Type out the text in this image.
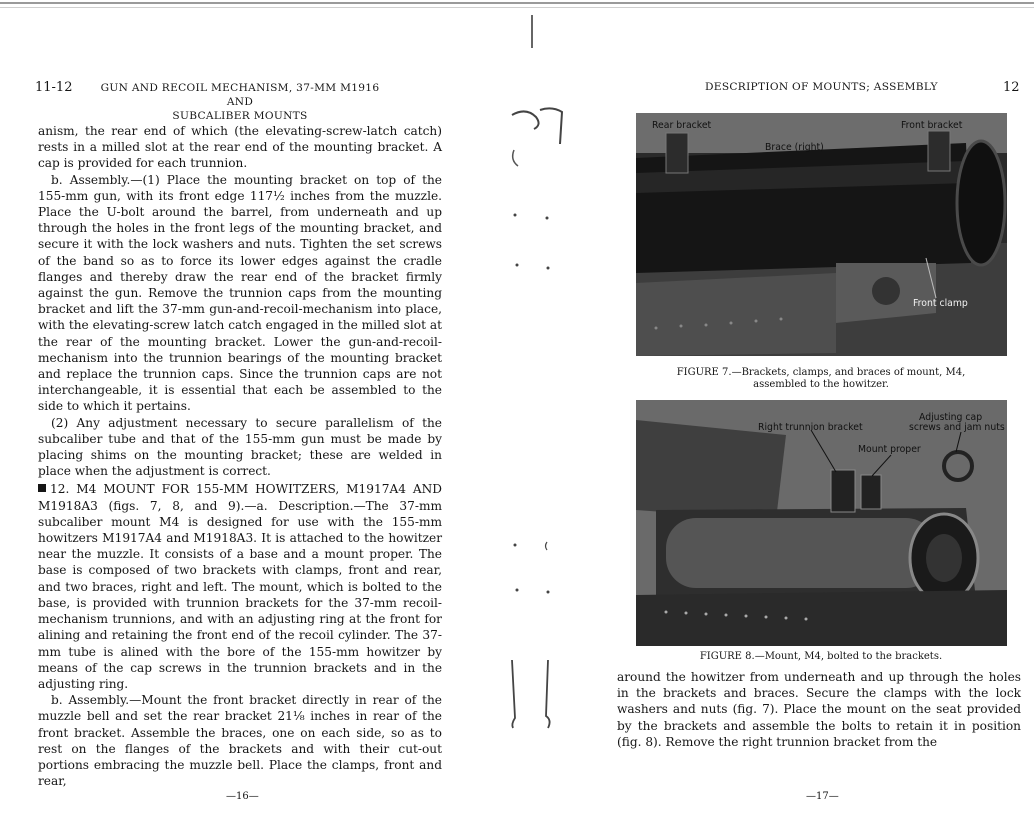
11-12	GUN AND RECOIL MECHANISM, 37-MM M1916 AND
SUBCALIBER MOUNTS

anism, the rear end of which (the elevating-screw-latch catch) rests in a milled slot at the rear end of the mounting bracket. A cap is provided for each trunnion.

b. Assembly.—(1) Place the mounting bracket on top of the 155-mm gun, with its front edge 117½ inches from the muzzle. Place the U-bolt around the barrel, from underneath and up through the holes in the front legs of the mounting bracket, and secure it with the lock washers and nuts. Tighten the set screws of the band so as to force its lower edges against the cradle flanges and thereby draw the rear end of the bracket firmly against the gun. Remove the trunnion caps from the mounting bracket and lift the 37-mm gun-and-recoil-mechanism into place, with the elevating-screw latch catch engaged in the milled slot at the rear of the mounting bracket. Lower the gun-and-recoil-mechanism into the trunnion bearings of the mounting bracket and replace the trunnion caps. Since the trunnion caps are not interchangeable, it is essential that each be assembled to the side to which it pertains.

(2) Any adjustment necessary to secure parallelism of the subcaliber tube and that of the 155-mm gun must be made by placing shims on the mounting bracket; these are welded in place when the adjustment is correct.

12. M4 MOUNT FOR 155-MM HOWITZERS, M1917A4 AND M1918A3 (figs. 7, 8, and 9).—a. Description.—The 37-mm subcaliber mount M4 is designed for use with the 155-mm howitzers M1917A4 and M1918A3. It is attached to the howitzer near the muzzle. It consists of a base and a mount proper. The base is composed of two brackets with clamps, front and rear, and two braces, right and left. The mount, which is bolted to the base, is provided with trunnion brackets for the 37-mm recoil-mechanism trunnions, and with an adjusting ring at the front for alining and retaining the front end of the recoil cylinder. The 37-mm tube is alined with the bore of the 155-mm howitzer by means of the cap screws in the trunnion brackets and in the adjusting ring.

b. Assembly.—Mount the front bracket directly in rear of the muzzle bell and set the rear bracket 21⅛ inches in rear of the front bracket. Assemble the braces, one on each side, so as to rest on the flanges of the brackets and with their cut-out portions embracing the muzzle bell. Place the clamps, front and rear,

—16—
DESCRIPTION OF MOUNTS; ASSEMBLY	12
Rear bracket	Front bracket
Brace (right)
Front clamp
FIGURE 7.—Brackets, clamps, and braces of mount, M4,
assembled to the howitzer.
Right trunnion bracket
Adjusting cap
screws and jam nuts
Mount proper
FIGURE 8.—Mount, M4, bolted to the brackets.

around the howitzer from underneath and up through the holes in the brackets and braces. Secure the clamps with the lock washers and nuts (fig. 7). Place the mount on the seat provided by the brackets and assemble the bolts to retain it in position (fig. 8). Remove the right trunnion bracket from the

—17—
